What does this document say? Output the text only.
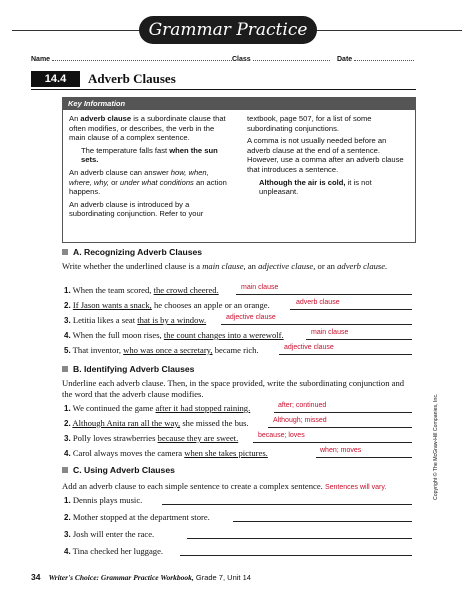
Grammar Practice
Name	Class	Date
14.4	Adverb Clauses
Key Information

An adverb clause is a subordinate clause that often modifies, or describes, the verb in the main clause of a complex sentence.

The temperature falls fast when the sun sets.

An adverb clause can answer how, when, where, why, or under what conditions an action happens.

An adverb clause is introduced by a subordinating conjunction. Refer to your

textbook, page 507, for a list of some subordinating conjunctions.

A comma is not usually needed before an adverb clause at the end of a sentence. However, use a comma after an adverb clause that introduces a sentence.

Although the air is cold, it is not unpleasant.

A. Recognizing Adverb Clauses
Write whether the underlined clause is a main clause, an adjective clause, or an adverb clause.
1. When the team scored, the crowd cheered.	main clause
2. If Jason wants a snack, he chooses an apple or an orange.	adverb clause
3. Letitia likes a seat that is by a window.	adjective clause
4. When the full moon rises, the count changes into a werewolf.	main clause
5. That inventor, who was once a secretary, became rich.	adjective clause
B. Identifying Adverb Clauses
Underline each adverb clause. Then, in the space provided, write the subordinating conjunction and the word that the adverb clause modifies.
1. We continued the game after it had stopped raining.	after; continued
2. Although Anita ran all the way, she missed the bus.	Although; missed
3. Polly loves strawberries because they are sweet.	because; loves
4. Carol always moves the camera when she takes pictures.	when; moves
C. Using Adverb Clauses
Add an adverb clause to each simple sentence to create a complex sentence. Sentences will vary.
1. Dennis plays music.
2. Mother stopped at the department store.
3. Josh will enter the race.
4. Tina checked her luggage.
Copyright © The McGraw-Hill Companies, Inc.
34 Writer's Choice: Grammar Practice Workbook, Grade 7, Unit 14
